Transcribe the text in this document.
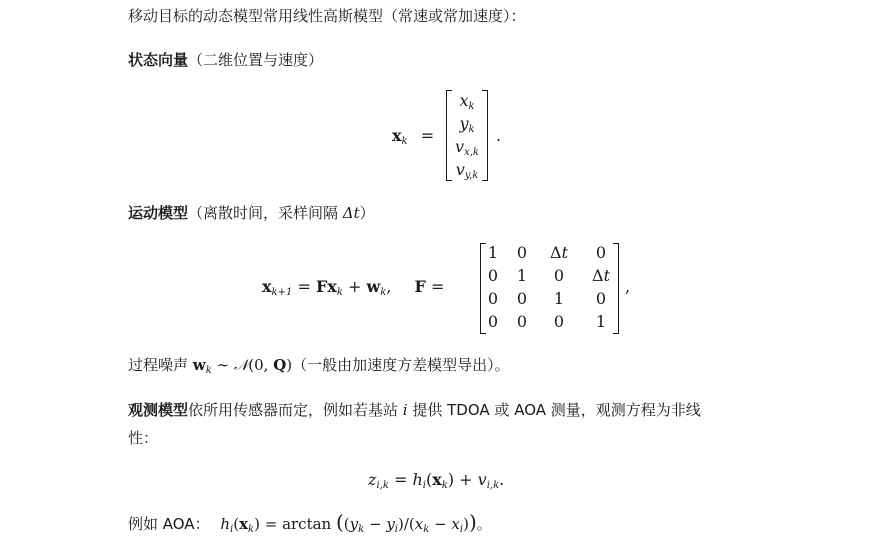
移动目标的动态模型常用线性高斯模型（常速或常加速度）：
状态向量（二维位置与速度）
$x_k$ =
$x_k$
$y_k$
$v_{x,k}$
$v_{y,k}$
.
运动模型（离散时间，采样间隔 Δt）
$x_{k+1} = Fx_k + w_k$, F =
1	0	Δt	0
0	1	0	Δt
0	0	1	0
0	0	0	1
,
过程噪声 $w_k$ ∼ 𝒩(0, Q)（一般由加速度方差模型导出）。
观测模型依所用传感器而定，例如若基站 i 提供 TDOA 或 AOA 测量，观测方程为非线
性：
$z_{i,k} = h_i(x_k) + v_{i,k}$.
例如 AOA： $h_i(x_k) = \arctan ((y_k - y_i)/(x_k - x_i))$。
